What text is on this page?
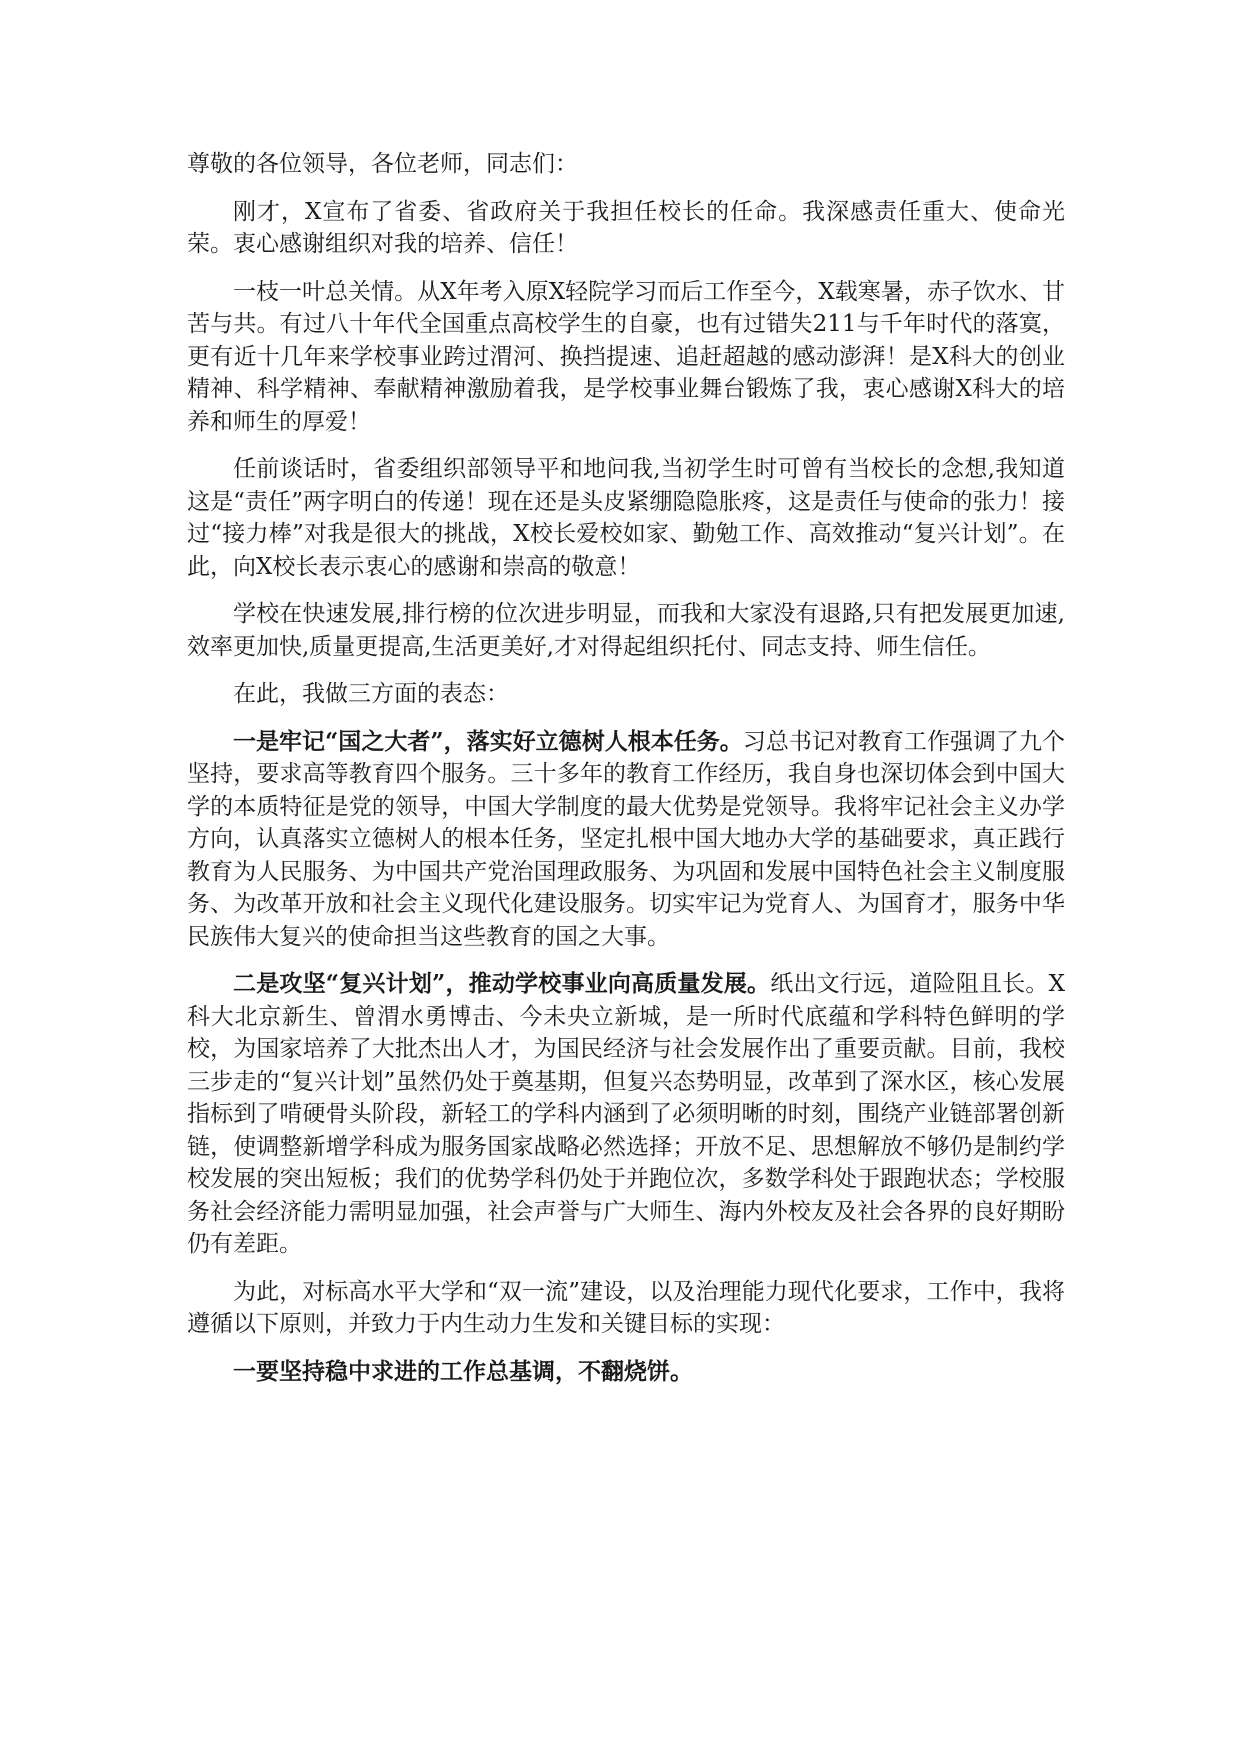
尊敬的各位领导，各位老师，同志们：

刚才，X宣布了省委、省政府关于我担任校长的任命。我深感责任重大、使命光荣。衷心感谢组织对我的培养、信任！

一枝一叶总关情。从X年考入原X轻院学习而后工作至今，X载寒暑，赤子饮水、甘苦与共。有过八十年代全国重点高校学生的自豪，也有过错失211与千年时代的落寞，更有近十几年来学校事业跨过渭河、换挡提速、追赶超越的感动澎湃！是X科大的创业精神、科学精神、奉献精神激励着我，是学校事业舞台锻炼了我，衷心感谢X科大的培养和师生的厚爱！

任前谈话时，省委组织部领导平和地问我,当初学生时可曾有当校长的念想,我知道这是“责任”两字明白的传递！现在还是头皮紧绷隐隐胀疼，这是责任与使命的张力！接过“接力棒”对我是很大的挑战，X校长爱校如家、勤勉工作、高效推动“复兴计划”。在此，向X校长表示衷心的感谢和崇高的敬意！

学校在快速发展,排行榜的位次进步明显，而我和大家没有退路,只有把发展更加速,效率更加快,质量更提高,生活更美好,才对得起组织托付、同志支持、师生信任。

在此，我做三方面的表态：

一是牢记“国之大者”，落实好立德树人根本任务。习总书记对教育工作强调了九个坚持，要求高等教育四个服务。三十多年的教育工作经历，我自身也深切体会到中国大学的本质特征是党的领导，中国大学制度的最大优势是党领导。我将牢记社会主义办学方向，认真落实立德树人的根本任务，坚定扎根中国大地办大学的基础要求，真正践行教育为人民服务、为中国共产党治国理政服务、为巩固和发展中国特色社会主义制度服务、为改革开放和社会主义现代化建设服务。切实牢记为党育人、为国育才，服务中华民族伟大复兴的使命担当这些教育的国之大事。

二是攻坚“复兴计划”，推动学校事业向高质量发展。纸出文行远，道险阻且长。X科大北京新生、曾渭水勇博击、今未央立新城，是一所时代底蕴和学科特色鲜明的学校，为国家培养了大批杰出人才，为国民经济与社会发展作出了重要贡献。目前，我校三步走的“复兴计划”虽然仍处于奠基期，但复兴态势明显，改革到了深水区，核心发展指标到了啃硬骨头阶段，新轻工的学科内涵到了必须明晰的时刻，围绕产业链部署创新链，使调整新增学科成为服务国家战略必然选择；开放不足、思想解放不够仍是制约学校发展的突出短板；我们的优势学科仍处于并跑位次，多数学科处于跟跑状态；学校服务社会经济能力需明显加强，社会声誉与广大师生、海内外校友及社会各界的良好期盼仍有差距。

为此，对标高水平大学和“双一流”建设，以及治理能力现代化要求，工作中，我将遵循以下原则，并致力于内生动力生发和关键目标的实现：

一要坚持稳中求进的工作总基调，不翻烧饼。
